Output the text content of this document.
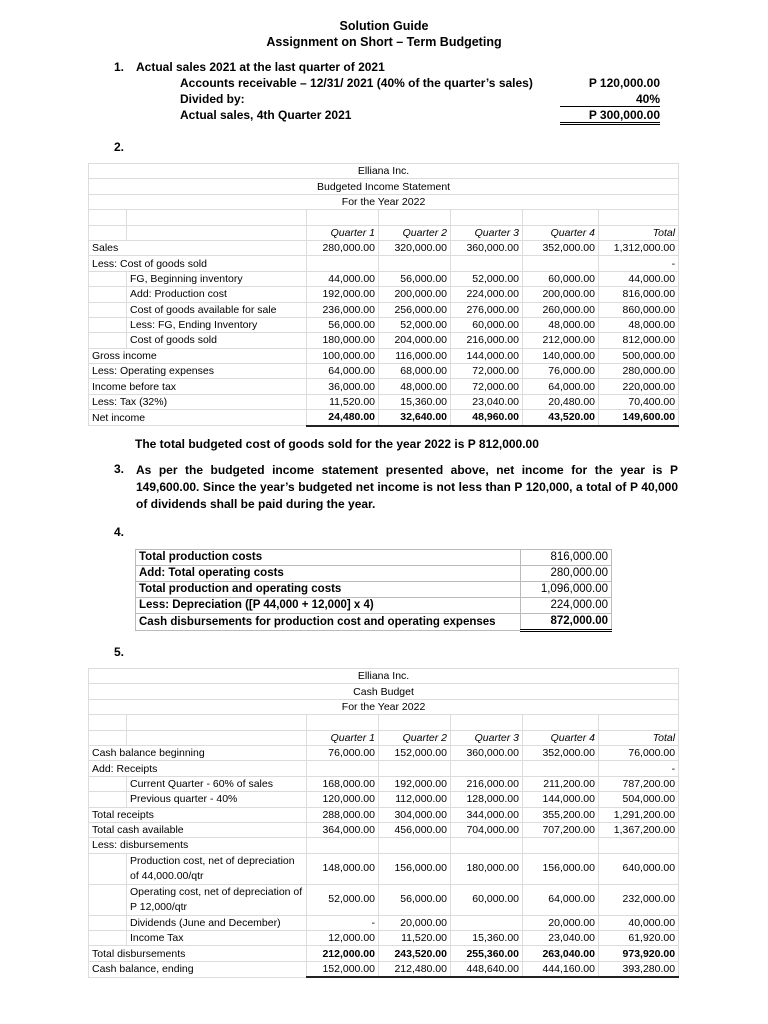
Solution Guide
Assignment on Short – Term Budgeting
1. Actual sales 2021 at the last quarter of 2021
Accounts receivable – 12/31/ 2021 (40% of the quarter’s sales)	P 120,000.00
Divided by:	40%
Actual sales, 4th Quarter 2021	P 300,000.00
2.
Elliana Inc.						
Budgeted Income Statement						
For the Year 2022						

		Quarter 1	Quarter 2	Quarter 3	Quarter 4	Total
Sales		280,000.00	320,000.00	360,000.00	352,000.00	1,312,000.00
Less: Cost of goods sold						-
	FG, Beginning inventory	44,000.00	56,000.00	52,000.00	60,000.00	44,000.00
	Add: Production cost	192,000.00	200,000.00	224,000.00	200,000.00	816,000.00
	Cost of goods available for sale	236,000.00	256,000.00	276,000.00	260,000.00	860,000.00
	Less: FG, Ending Inventory	56,000.00	52,000.00	60,000.00	48,000.00	48,000.00
	Cost of goods sold	180,000.00	204,000.00	216,000.00	212,000.00	812,000.00
Gross income		100,000.00	116,000.00	144,000.00	140,000.00	500,000.00
Less: Operating expenses		64,000.00	68,000.00	72,000.00	76,000.00	280,000.00
Income before tax		36,000.00	48,000.00	72,000.00	64,000.00	220,000.00
Less: Tax (32%)		11,520.00	15,360.00	23,040.00	20,480.00	70,400.00
Net income		24,480.00	32,640.00	48,960.00	43,520.00	149,600.00
The total budgeted cost of goods sold for the year 2022 is P 812,000.00
3. As per the budgeted income statement presented above, net income for the year is P 149,600.00. Since the year’s budgeted net income is not less than P 120,000, a total of P 40,000 of dividends shall be paid during the year.
4.
Total production costs	816,000.00
Add: Total operating costs	280,000.00
Total production and operating costs	1,096,000.00
Less: Depreciation ([P 44,000 + 12,000] x 4)	224,000.00
Cash disbursements for production cost and operating expenses	872,000.00
5.
Elliana Inc.						
Cash Budget						
For the Year 2022						

		Quarter 1	Quarter 2	Quarter 3	Quarter 4	Total
Cash balance beginning		76,000.00	152,000.00	360,000.00	352,000.00	76,000.00
Add: Receipts						-
	Current Quarter - 60% of sales	168,000.00	192,000.00	216,000.00	211,200.00	787,200.00
	Previous quarter - 40%	120,000.00	112,000.00	128,000.00	144,000.00	504,000.00
Total receipts		288,000.00	304,000.00	344,000.00	355,200.00	1,291,200.00
Total cash available		364,000.00	456,000.00	704,000.00	707,200.00	1,367,200.00
Less: disbursements						
	Production cost, net of depreciation of 44,000.00/qtr	148,000.00	156,000.00	180,000.00	156,000.00	640,000.00
	Operating cost, net of depreciation of P 12,000/qtr	52,000.00	56,000.00	60,000.00	64,000.00	232,000.00
	Dividends (June and December)	-	20,000.00		20,000.00	40,000.00
	Income Tax	12,000.00	11,520.00	15,360.00	23,040.00	61,920.00
Total disbursements		212,000.00	243,520.00	255,360.00	263,040.00	973,920.00
Cash balance, ending		152,000.00	212,480.00	448,640.00	444,160.00	393,280.00
